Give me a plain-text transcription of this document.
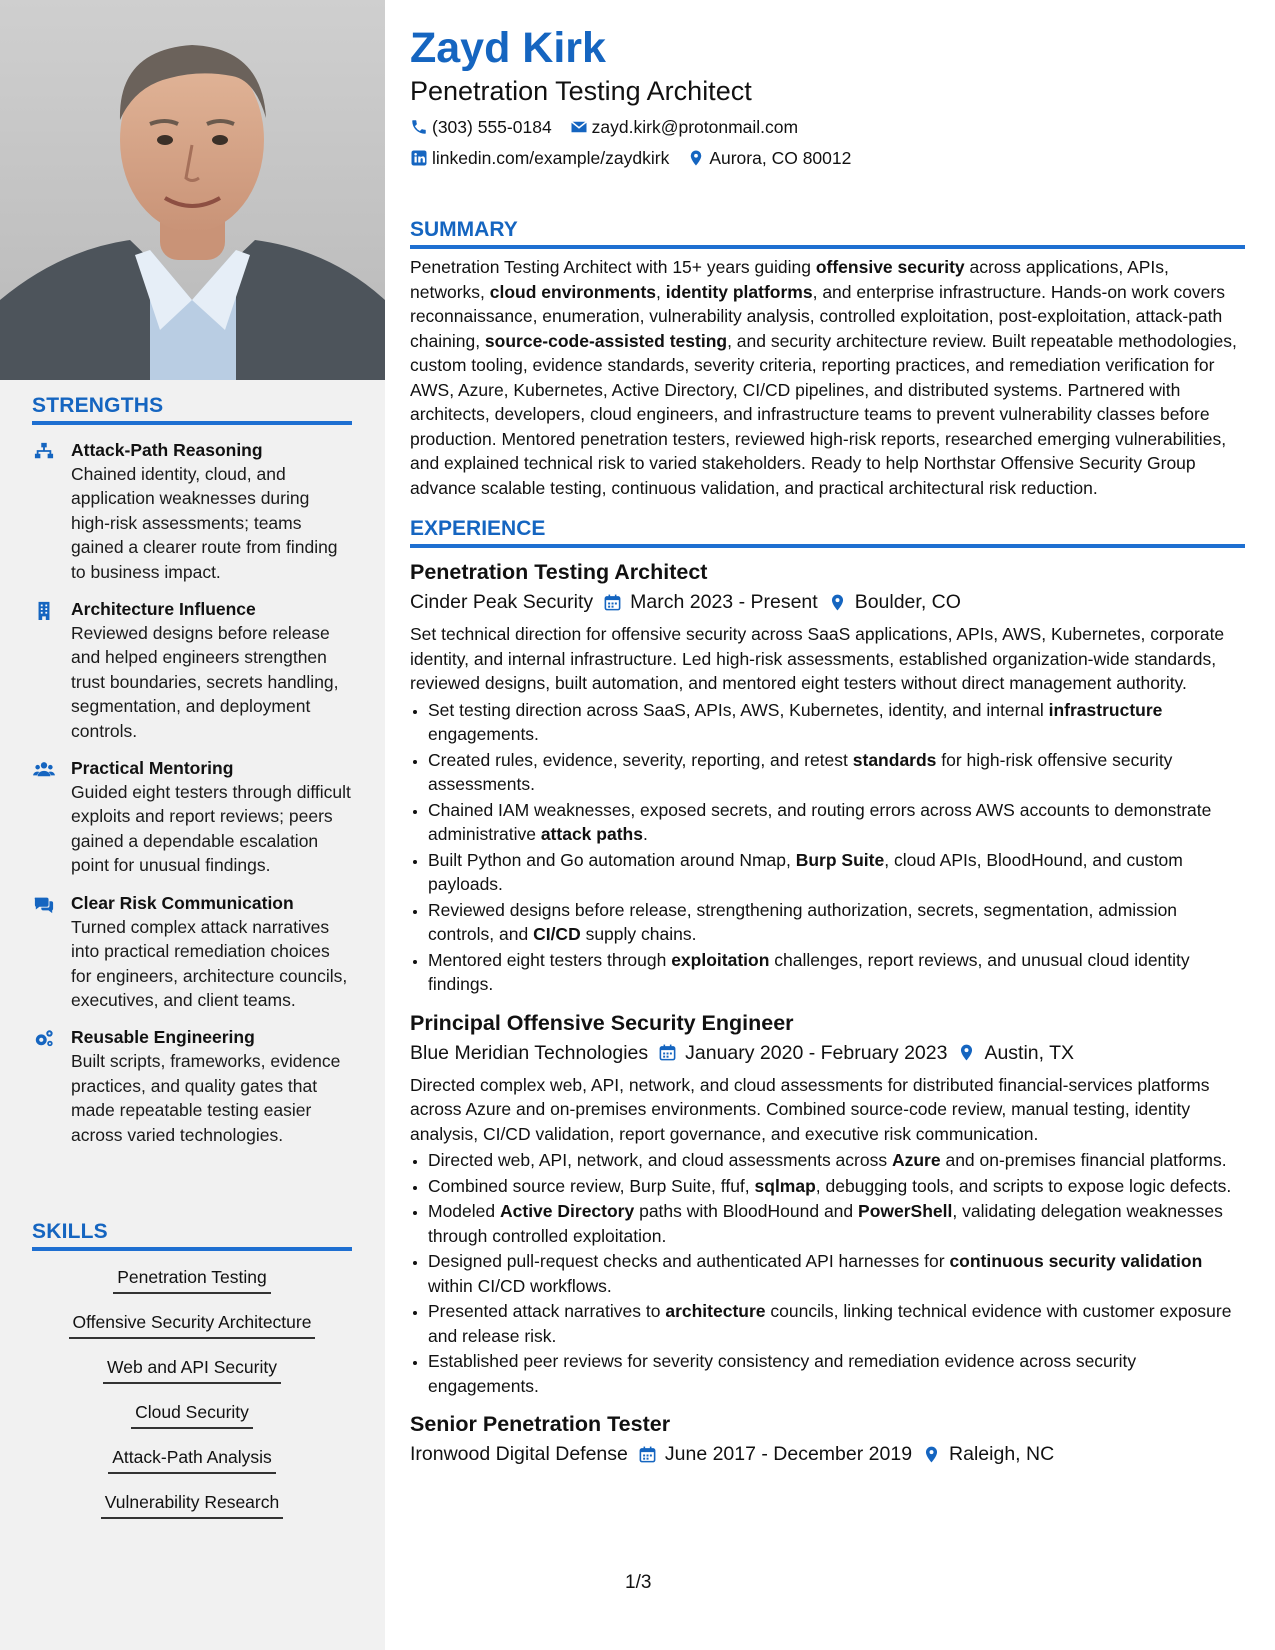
STRENGTHS
Attack-Path Reasoning
Chained identity, cloud, and application weaknesses during high-risk assessments; teams gained a clearer route from finding to business impact.
Architecture Influence
Reviewed designs before release and helped engineers strengthen trust boundaries, secrets handling, segmentation, and deployment controls.
Practical Mentoring
Guided eight testers through difficult exploits and report reviews; peers gained a dependable escalation point for unusual findings.
Clear Risk Communication
Turned complex attack narratives into practical remediation choices for engineers, architecture councils, executives, and client teams.
Reusable Engineering
Built scripts, frameworks, evidence practices, and quality gates that made repeatable testing easier across varied technologies.
SKILLS
Penetration Testing
Offensive Security Architecture
Web and API Security
Cloud Security
Attack-Path Analysis
Vulnerability Research
Zayd Kirk
Penetration Testing Architect
(303) 555-0184 zayd.kirk@protonmail.com
linkedin.com/example/zaydkirk Aurora, CO 80012
SUMMARY
Penetration Testing Architect with 15+ years guiding offensive security across applications, APIs, networks, cloud environments, identity platforms, and enterprise infrastructure. Hands-on work covers reconnaissance, enumeration, vulnerability analysis, controlled exploitation, post-exploitation, attack-path chaining, source-code-assisted testing, and security architecture review. Built repeatable methodologies, custom tooling, evidence standards, severity criteria, reporting practices, and remediation verification for AWS, Azure, Kubernetes, Active Directory, CI/CD pipelines, and distributed systems. Partnered with architects, developers, cloud engineers, and infrastructure teams to prevent vulnerability classes before production. Mentored penetration testers, reviewed high-risk reports, researched emerging vulnerabilities, and explained technical risk to varied stakeholders. Ready to help Northstar Offensive Security Group advance scalable testing, continuous validation, and practical architectural risk reduction.
EXPERIENCE
Penetration Testing Architect
Cinder Peak Security March 2023 - Present Boulder, CO
Set technical direction for offensive security across SaaS applications, APIs, AWS, Kubernetes, corporate identity, and internal infrastructure. Led high-risk assessments, established organization-wide standards, reviewed designs, built automation, and mentored eight testers without direct management authority.
• Set testing direction across SaaS, APIs, AWS, Kubernetes, identity, and internal infrastructure engagements.
• Created rules, evidence, severity, reporting, and retest standards for high-risk offensive security assessments.
• Chained IAM weaknesses, exposed secrets, and routing errors across AWS accounts to demonstrate administrative attack paths.
• Built Python and Go automation around Nmap, Burp Suite, cloud APIs, BloodHound, and custom payloads.
• Reviewed designs before release, strengthening authorization, secrets, segmentation, admission controls, and CI/CD supply chains.
• Mentored eight testers through exploitation challenges, report reviews, and unusual cloud identity findings.
Principal Offensive Security Engineer
Blue Meridian Technologies January 2020 - February 2023 Austin, TX
Directed complex web, API, network, and cloud assessments for distributed financial-services platforms across Azure and on-premises environments. Combined source-code review, manual testing, identity analysis, CI/CD validation, report governance, and executive risk communication.
• Directed web, API, network, and cloud assessments across Azure and on-premises financial platforms.
• Combined source review, Burp Suite, ffuf, sqlmap, debugging tools, and scripts to expose logic defects.
• Modeled Active Directory paths with BloodHound and PowerShell, validating delegation weaknesses through controlled exploitation.
• Designed pull-request checks and authenticated API harnesses for continuous security validation within CI/CD workflows.
• Presented attack narratives to architecture councils, linking technical evidence with customer exposure and release risk.
• Established peer reviews for severity consistency and remediation evidence across security engagements.
Senior Penetration Tester
Ironwood Digital Defense June 2017 - December 2019 Raleigh, NC
1/3
